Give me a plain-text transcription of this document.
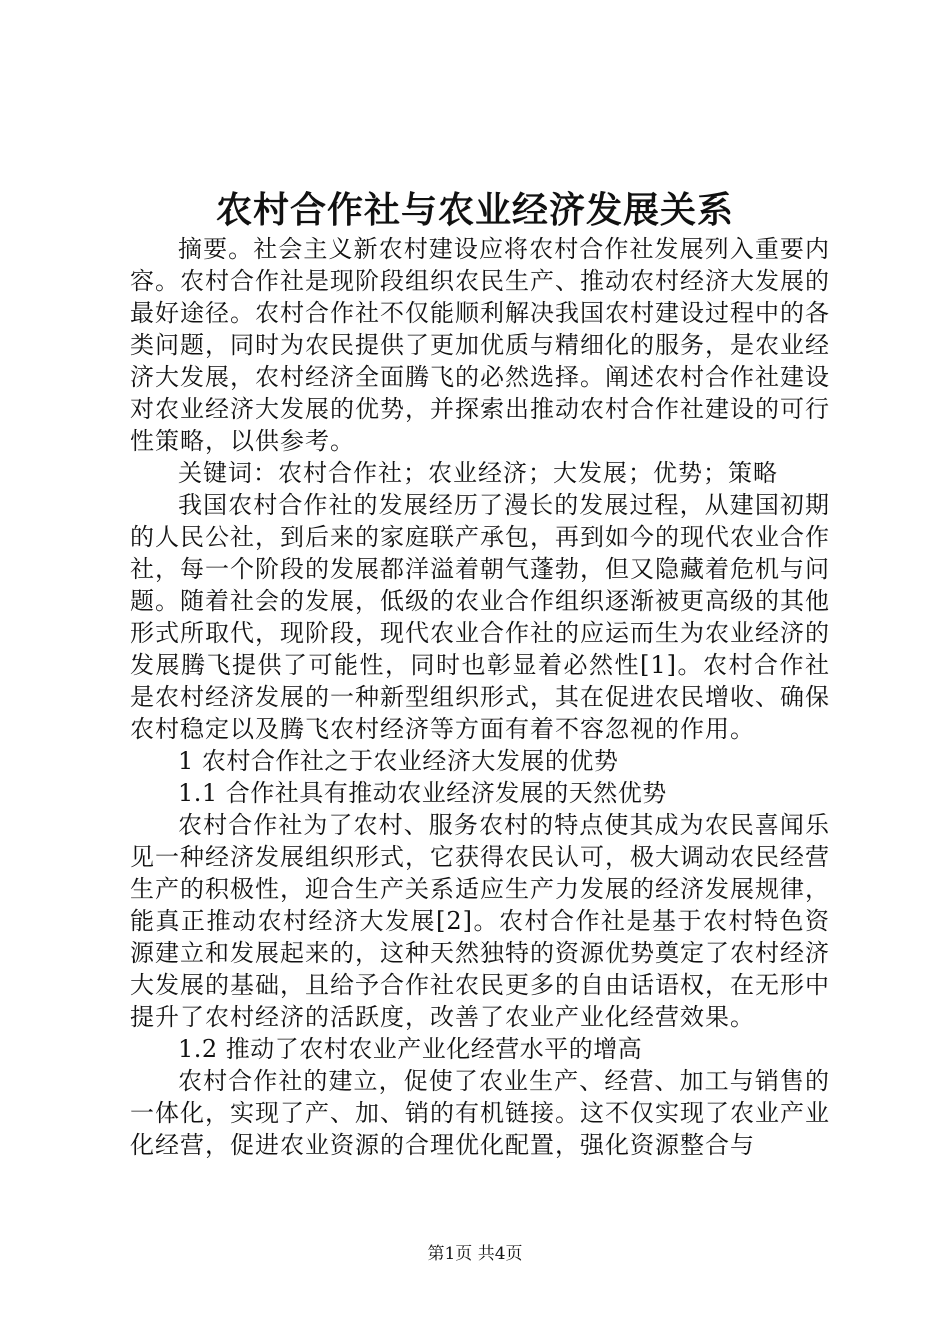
农村合作社与农业经济发展关系

摘要。社会主义新农村建设应将农村合作社发展列入重要内容。农村合作社是现阶段组织农民生产、推动农村经济大发展的最好途径。农村合作社不仅能顺利解决我国农村建设过程中的各类问题，同时为农民提供了更加优质与精细化的服务，是农业经济大发展，农村经济全面腾飞的必然选择。阐述农村合作社建设对农业经济大发展的优势，并探索出推动农村合作社建设的可行性策略，以供参考。

关键词：农村合作社；农业经济；大发展；优势；策略

我国农村合作社的发展经历了漫长的发展过程，从建国初期的人民公社，到后来的家庭联产承包，再到如今的现代农业合作社，每一个阶段的发展都洋溢着朝气蓬勃，但又隐藏着危机与问题。随着社会的发展，低级的农业合作组织逐渐被更高级的其他形式所取代，现阶段，现代农业合作社的应运而生为农业经济的发展腾飞提供了可能性，同时也彰显着必然性[1]。农村合作社是农村经济发展的一种新型组织形式，其在促进农民增收、确保农村稳定以及腾飞农村经济等方面有着不容忽视的作用。

1 农村合作社之于农业经济大发展的优势

1.1 合作社具有推动农业经济发展的天然优势

农村合作社为了农村、服务农村的特点使其成为农民喜闻乐见一种经济发展组织形式，它获得农民认可，极大调动农民经营生产的积极性，迎合生产关系适应生产力发展的经济发展规律，能真正推动农村经济大发展[2]。农村合作社是基于农村特色资源建立和发展起来的，这种天然独特的资源优势奠定了农村经济大发展的基础，且给予合作社农民更多的自由话语权，在无形中提升了农村经济的活跃度，改善了农业产业化经营效果。

1.2 推动了农村农业产业化经营水平的增高

农村合作社的建立，促使了农业生产、经营、加工与销售的一体化，实现了产、加、销的有机链接。这不仅实现了农业产业化经营，促进农业资源的合理优化配置，强化资源整合与

第1页 共4页
